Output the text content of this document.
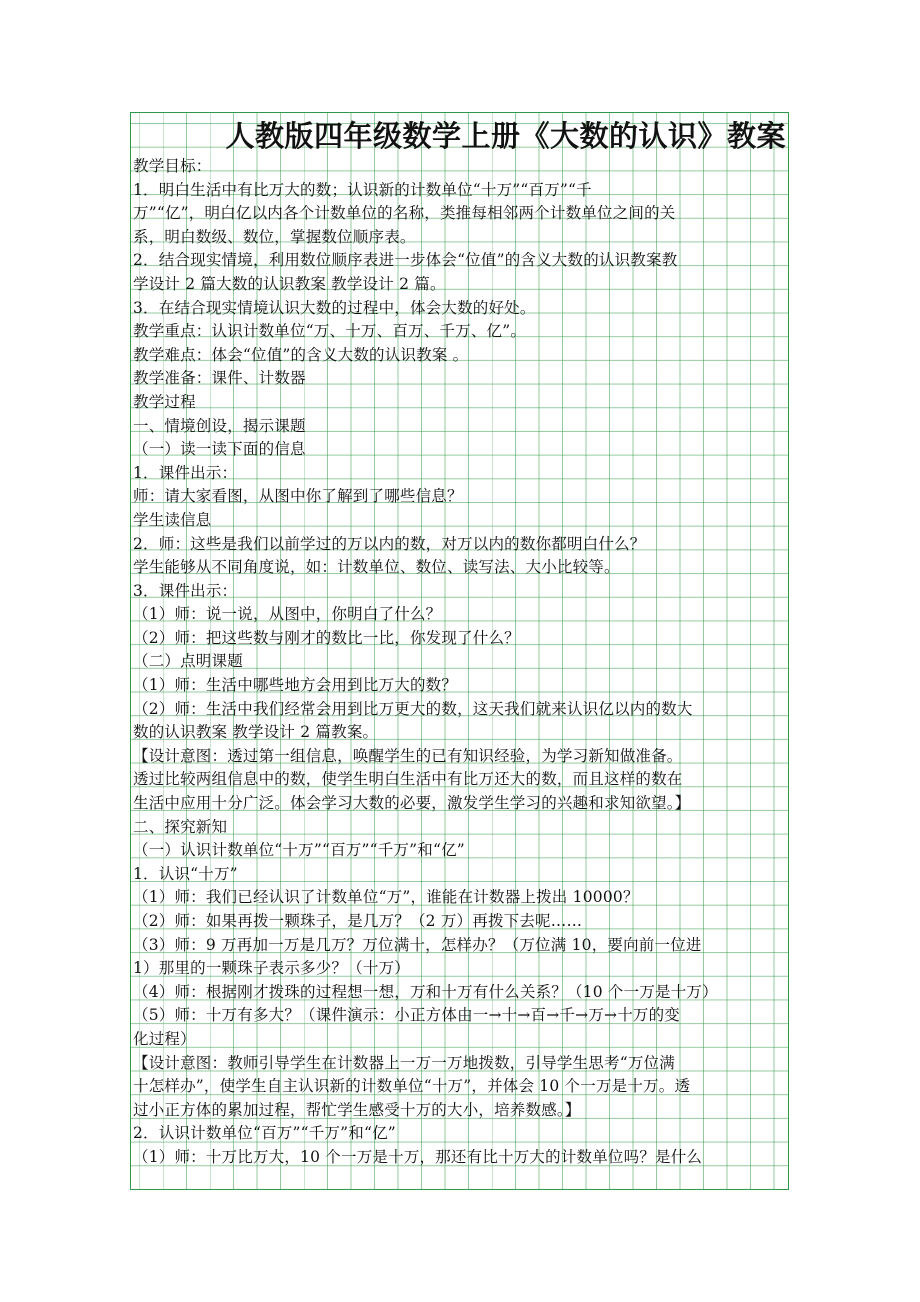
人教版四年级数学上册《大数的认识》教案
教学目标：
1．明白生活中有比万大的数；认识新的计数单位“十万”“百万”“千
万”“亿”，明白亿以内各个计数单位的名称，类推每相邻两个计数单位之间的关
系，明白数级、数位，掌握数位顺序表。
2．结合现实情境，利用数位顺序表进一步体会“位值”的含义大数的认识教案教
学设计 2 篇大数的认识教案 教学设计 2 篇。
3．在结合现实情境认识大数的过程中，体会大数的好处。
教学重点：认识计数单位“万、十万、百万、千万、亿”。
教学难点：体会“位值”的含义大数的认识教案 。
教学准备：课件、计数器
教学过程
一、情境创设，揭示课题
（一）读一读下面的信息
1．课件出示：
师：请大家看图，从图中你了解到了哪些信息？
学生读信息
2．师：这些是我们以前学过的万以内的数，对万以内的数你都明白什么？
学生能够从不同角度说，如：计数单位、数位、读写法、大小比较等。
3．课件出示：
（1）师：说一说，从图中，你明白了什么？
（2）师：把这些数与刚才的数比一比，你发现了什么？
（二）点明课题
（1）师：生活中哪些地方会用到比万大的数？
（2）师：生活中我们经常会用到比万更大的数，这天我们就来认识亿以内的数大
数的认识教案 教学设计 2 篇教案。
【设计意图：透过第一组信息，唤醒学生的已有知识经验，为学习新知做准备。
透过比较两组信息中的数，使学生明白生活中有比万还大的数，而且这样的数在
生活中应用十分广泛。体会学习大数的必要，激发学生学习的兴趣和求知欲望。】
二、探究新知
（一）认识计数单位“十万”“百万”“千万”和“亿”
1．认识“十万”
（1）师：我们已经认识了计数单位“万”，谁能在计数器上拨出 10000？
（2）师：如果再拨一颗珠子，是几万？（2 万）再拨下去呢……
（3）师：9 万再加一万是几万？万位满十，怎样办？（万位满 10，要向前一位进
1）那里的一颗珠子表示多少？（十万）
（4）师：根据刚才拨珠的过程想一想，万和十万有什么关系？（10 个一万是十万）
（5）师：十万有多大？（课件演示：小正方体由一→十→百→千→万→十万的变
化过程）
【设计意图：教师引导学生在计数器上一万一万地拨数，引导学生思考“万位满
十怎样办”，使学生自主认识新的计数单位“十万”，并体会 10 个一万是十万。透
过小正方体的累加过程，帮忙学生感受十万的大小，培养数感。】
2．认识计数单位“百万”“千万”和“亿”
（1）师：十万比万大，10 个一万是十万，那还有比十万大的计数单位吗？是什么
